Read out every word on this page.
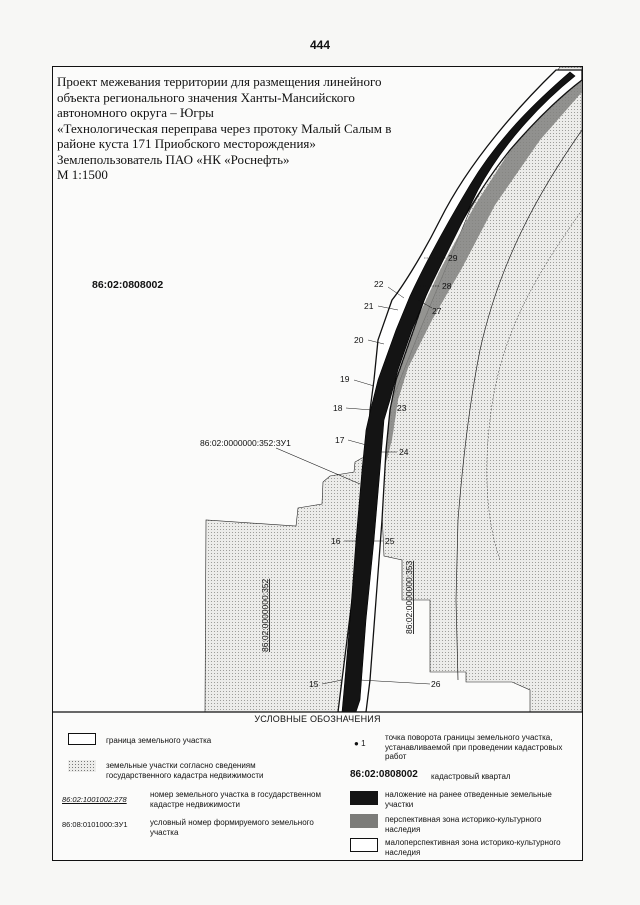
444
29
28
22
27
21
20
19
18	23
17
24
16	25
15	26
86:02:0808002
86:02:0000000:352:ЗУ1
86:02:0000000:352	86:02:0000000:353
Проект межевания территории для размещения линейного
объекта регионального значения Ханты-Мансийского
автономного округа – Югры
«Технологическая переправа через протоку Малый Салым в
районе куста 171 Приобского месторождения»
Землепользователь ПАО «НК «Роснефть»
М 1:1500
УСЛОВНЫЕ ОБОЗНАЧЕНИЯ
граница земельного участка
земельные участки согласно сведениям государственного кадастра недвижимости
86:02:1001002:278
номер земельного участка в государственном кадастре недвижимости
86:08:0101000:ЗУ1	условный номер формируемого земельного участка
● 1
точка поворота границы земельного участка, устанавливаемой при проведении кадастровых работ
86:02:0808002	кадастровый квартал
наложение на ранее отведенные земельные участки
перспективная зона историко-культурного наследия
малоперспективная зона историко-культурного наследия
